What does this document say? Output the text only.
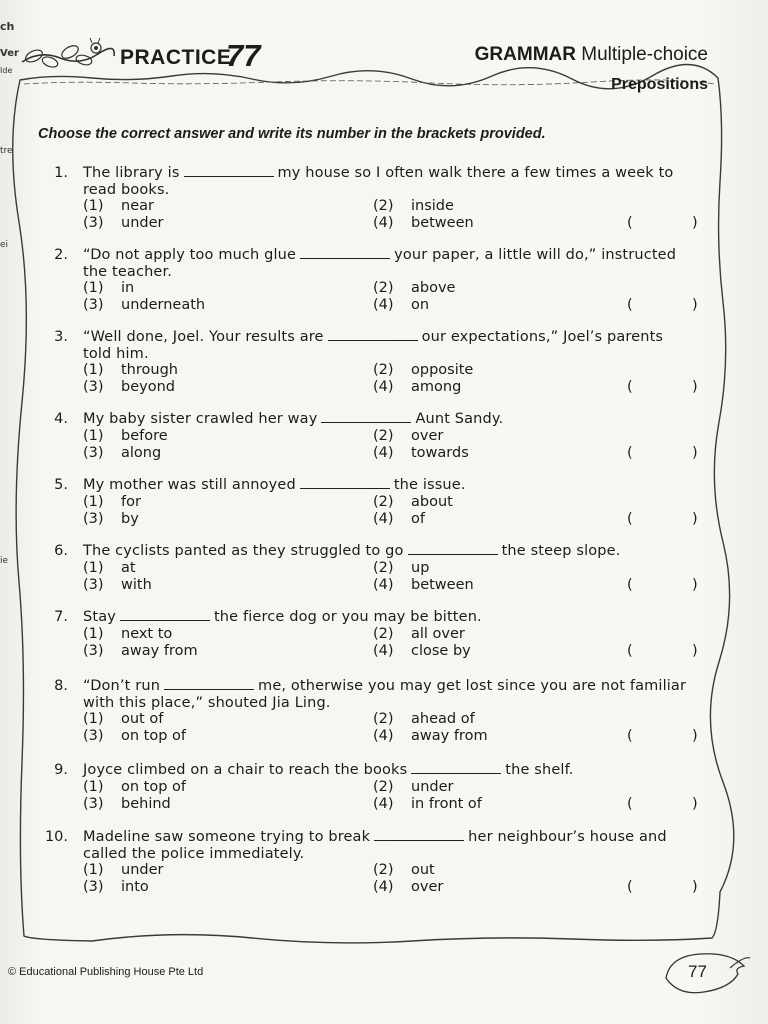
ch
Ver
Ide
tre
ei
ie
PRACTICE
77	GRAMMAR Multiple-choice
Prepositions
Choose the correct answer and write its number in the brackets provided.
1. The library is	my house so I often walk there a few times a week to
read books.
(1) near	(2) inside
(3) under	(4) between	(	)
2. “Do not apply too much glue	your paper, a little will do,” instructed
the teacher.
(1) in	(2) above
(3) underneath	(4) on	(	)
3. “Well done, Joel. Your results are	our expectations,” Joel’s parents
told him.
(1) through	(2) opposite
(3) beyond	(4) among	(	)
4. My baby sister crawled her way	Aunt Sandy.
(1) before	(2) over
(3) along	(4) towards	(	)
5. My mother was still annoyed	the issue.
(1) for	(2) about
(3) by	(4) of	(	)
6. The cyclists panted as they struggled to go	the steep slope.
(1) at	(2) up
(3) with	(4) between	(	)
7. Stay	the fierce dog or you may be bitten.
(1) next to	(2) all over
(3) away from	(4) close by	(	)
8. “Don’t run	me, otherwise you may get lost since you are not familiar
with this place,” shouted Jia Ling.
(1) out of	(2) ahead of
(3) on top of	(4) away from	(	)
9. Joyce climbed on a chair to reach the books	the shelf.
(1) on top of	(2) under
(3) behind	(4) in front of	(	)
10. Madeline saw someone trying to break	her neighbour’s house and
called the police immediately.
(1) under	(2) out
(3) into	(4) over	(	)
© Educational Publishing House Pte Ltd	77
